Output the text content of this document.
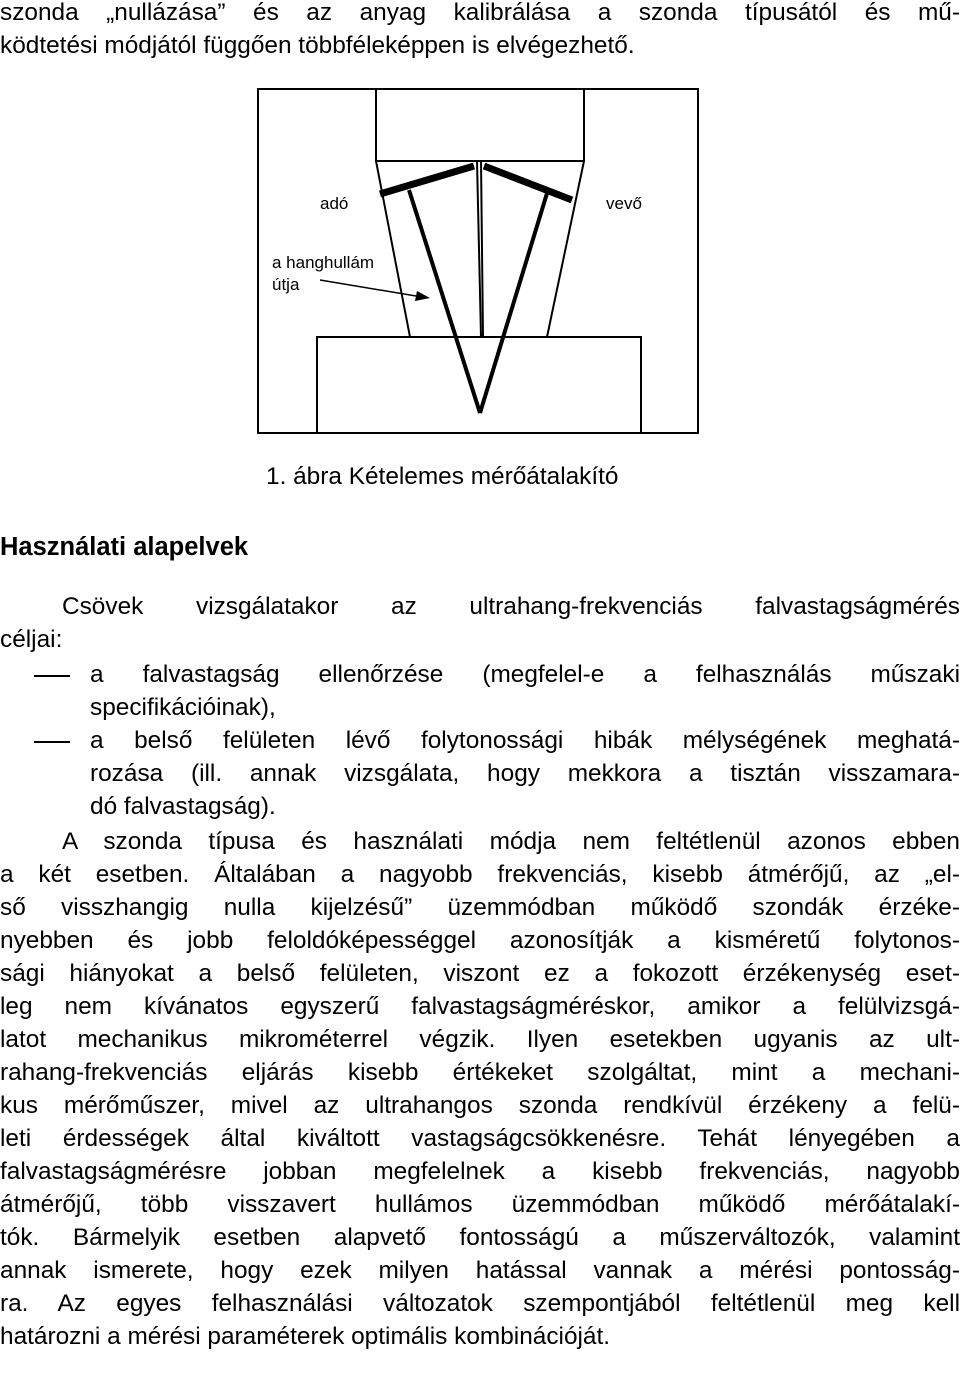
szonda „nullázása” és az anyag kalibrálása a szonda típusától és mű-
ködtetési módjától függően többféleképpen is elvégezhető.
adó	vevő
a hanghullám
útja
1. ábra Kételemes mérőátalakító
Használati alapelvek
Csövek vizsgálatakor az ultrahang-frekvenciás falvastagságmérés
céljai:
a falvastagság ellenőrzése (megfelel-e a felhasználás műszaki
specifikációinak),
a belső felületen lévő folytonossági hibák mélységének meghatá-
rozása (ill. annak vizsgálata, hogy mekkora a tisztán visszamara-
dó falvastagság).
A szonda típusa és használati módja nem feltétlenül azonos ebben
a két esetben. Általában a nagyobb frekvenciás, kisebb átmérőjű, az „el-
ső visszhangig nulla kijelzésű” üzemmódban működő szondák érzéke-
nyebben és jobb feloldóképességgel azonosítják a kisméretű folytonos-
sági hiányokat a belső felületen, viszont ez a fokozott érzékenység eset-
leg nem kívánatos egyszerű falvastagságméréskor, amikor a felülvizsgá-
latot mechanikus mikrométerrel végzik. Ilyen esetekben ugyanis az ult-
rahang-frekvenciás eljárás kisebb értékeket szolgáltat, mint a mechani-
kus mérőműszer, mivel az ultrahangos szonda rendkívül érzékeny a felü-
leti érdességek által kiváltott vastagságcsökkenésre. Tehát lényegében a
falvastagságmérésre jobban megfelelnek a kisebb frekvenciás, nagyobb
átmérőjű, több visszavert hullámos üzemmódban működő mérőátalakí-
tók. Bármelyik esetben alapvető fontosságú a műszerváltozók, valamint
annak ismerete, hogy ezek milyen hatással vannak a mérési pontosság-
ra. Az egyes felhasználási változatok szempontjából feltétlenül meg kell
határozni a mérési paraméterek optimális kombinációját.
